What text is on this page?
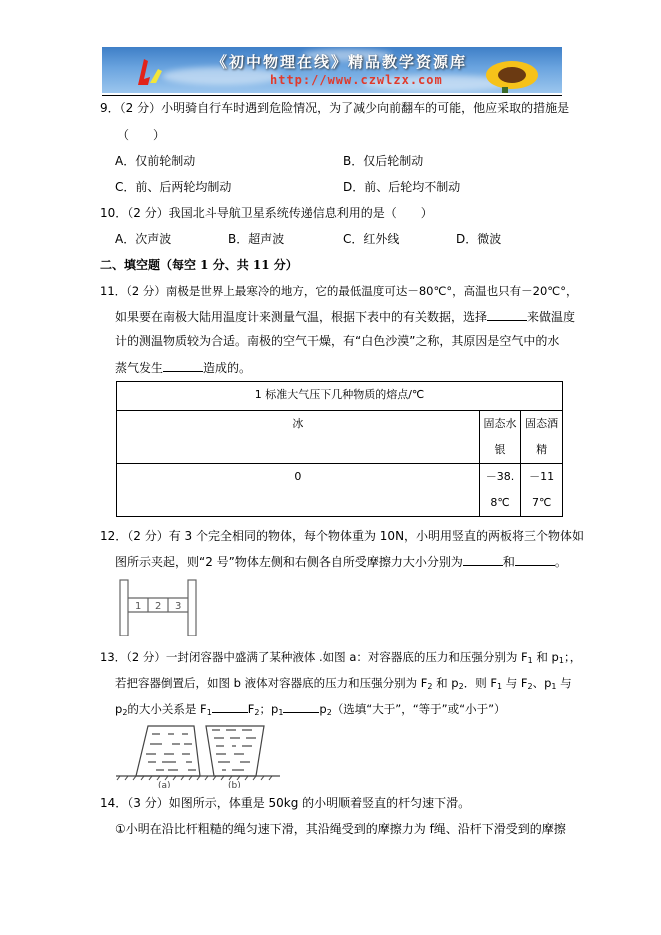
《初中物理在线》精品教学资源库
http://www.czwlzx.com
9．（2 分）小明骑自行车时遇到危险情况，为了减少向前翻车的可能，他应采取的措施是
（　　）
A．仅前轮制动	B．仅后轮制动
C．前、后两轮均制动	D．前、后轮均不制动
10．（2 分）我国北斗导航卫星系统传递信息利用的是（　　）
A．次声波	B．超声波	C．红外线	D．微波
二、填空题（每空 1 分、共 11 分）
11．（2 分）南极是世界上最寒冷的地方，它的最低温度可达－80℃°，高温也只有－20℃°，
如果要在南极大陆用温度计来测量气温，根据下表中的有关数据，选择	来做温度
计的测温物质较为合适。南极的空气干燥，有“白色沙漠”之称，其原因是空气中的水
蒸气发生	造成的。
1 标准大气压下几种物质的熔点/℃
冰	固态水银	固态酒精
0	－38.8℃	－117℃
12．（2 分）有 3 个完全相同的物体，每个物体重为 10N，小明用竖直的两板将三个物体如
图所示夹起，则“2 号”物体左侧和右侧各自所受摩擦力大小分别为	和	。
1 2 3
13．（2 分）一封闭容器中盛满了某种液体 .如图 a：对容器底的压力和压强分别为 $F_1$ 和 $p_1$；，
若把容器倒置后，如图 b 液体对容器底的压力和压强分别为 $F_2$ 和 $p_2$．则 $F_1$ 与 $F_2$、$p_1$ 与
$p_2$的大小关系是 $F_1$	$F_2$；$p_1$	$p_2$（选填“大于”，“等于”或“小于”）
(a)	(b)
14．（3 分）如图所示，体重是 50kg 的小明顺着竖直的杆匀速下滑。
①小明在沿比杆粗糙的绳匀速下滑，其沿绳受到的摩擦力为 f绳、沿杆下滑受到的摩擦
